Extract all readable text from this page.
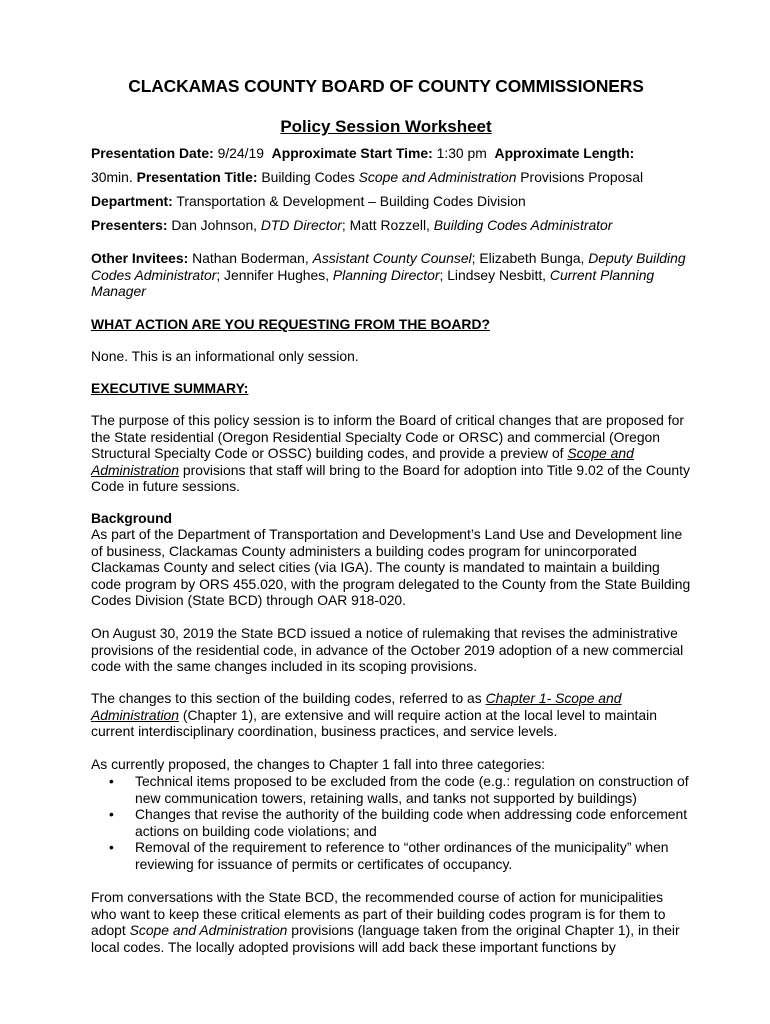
CLACKAMAS COUNTY BOARD OF COUNTY COMMISSIONERS
Policy Session Worksheet
Presentation Date: 9/24/19 Approximate Start Time: 1:30 pm Approximate Length:
30min. Presentation Title: Building Codes Scope and Administration Provisions Proposal
Department: Transportation & Development – Building Codes Division
Presenters: Dan Johnson, DTD Director; Matt Rozzell, Building Codes Administrator
Other Invitees: Nathan Boderman, Assistant County Counsel; Elizabeth Bunga, Deputy Building Codes Administrator; Jennifer Hughes, Planning Director; Lindsey Nesbitt, Current Planning Manager
WHAT ACTION ARE YOU REQUESTING FROM THE BOARD?
None. This is an informational only session.
EXECUTIVE SUMMARY:
The purpose of this policy session is to inform the Board of critical changes that are proposed for the State residential (Oregon Residential Specialty Code or ORSC) and commercial (Oregon Structural Specialty Code or OSSC) building codes, and provide a preview of Scope and Administration provisions that staff will bring to the Board for adoption into Title 9.02 of the County Code in future sessions.
Background
As part of the Department of Transportation and Development’s Land Use and Development line of business, Clackamas County administers a building codes program for unincorporated Clackamas County and select cities (via IGA). The county is mandated to maintain a building code program by ORS 455.020, with the program delegated to the County from the State Building Codes Division (State BCD) through OAR 918-020.
On August 30, 2019 the State BCD issued a notice of rulemaking that revises the administrative provisions of the residential code, in advance of the October 2019 adoption of a new commercial code with the same changes included in its scoping provisions.
The changes to this section of the building codes, referred to as Chapter 1- Scope and Administration (Chapter 1), are extensive and will require action at the local level to maintain current interdisciplinary coordination, business practices, and service levels.
As currently proposed, the changes to Chapter 1 fall into three categories:
• Technical items proposed to be excluded from the code (e.g.: regulation on construction of new communication towers, retaining walls, and tanks not supported by buildings)
• Changes that revise the authority of the building code when addressing code enforcement actions on building code violations; and
• Removal of the requirement to reference to “other ordinances of the municipality” when reviewing for issuance of permits or certificates of occupancy.
From conversations with the State BCD, the recommended course of action for municipalities who want to keep these critical elements as part of their building codes program is for them to adopt Scope and Administration provisions (language taken from the original Chapter 1), in their local codes. The locally adopted provisions will add back these important functions by
